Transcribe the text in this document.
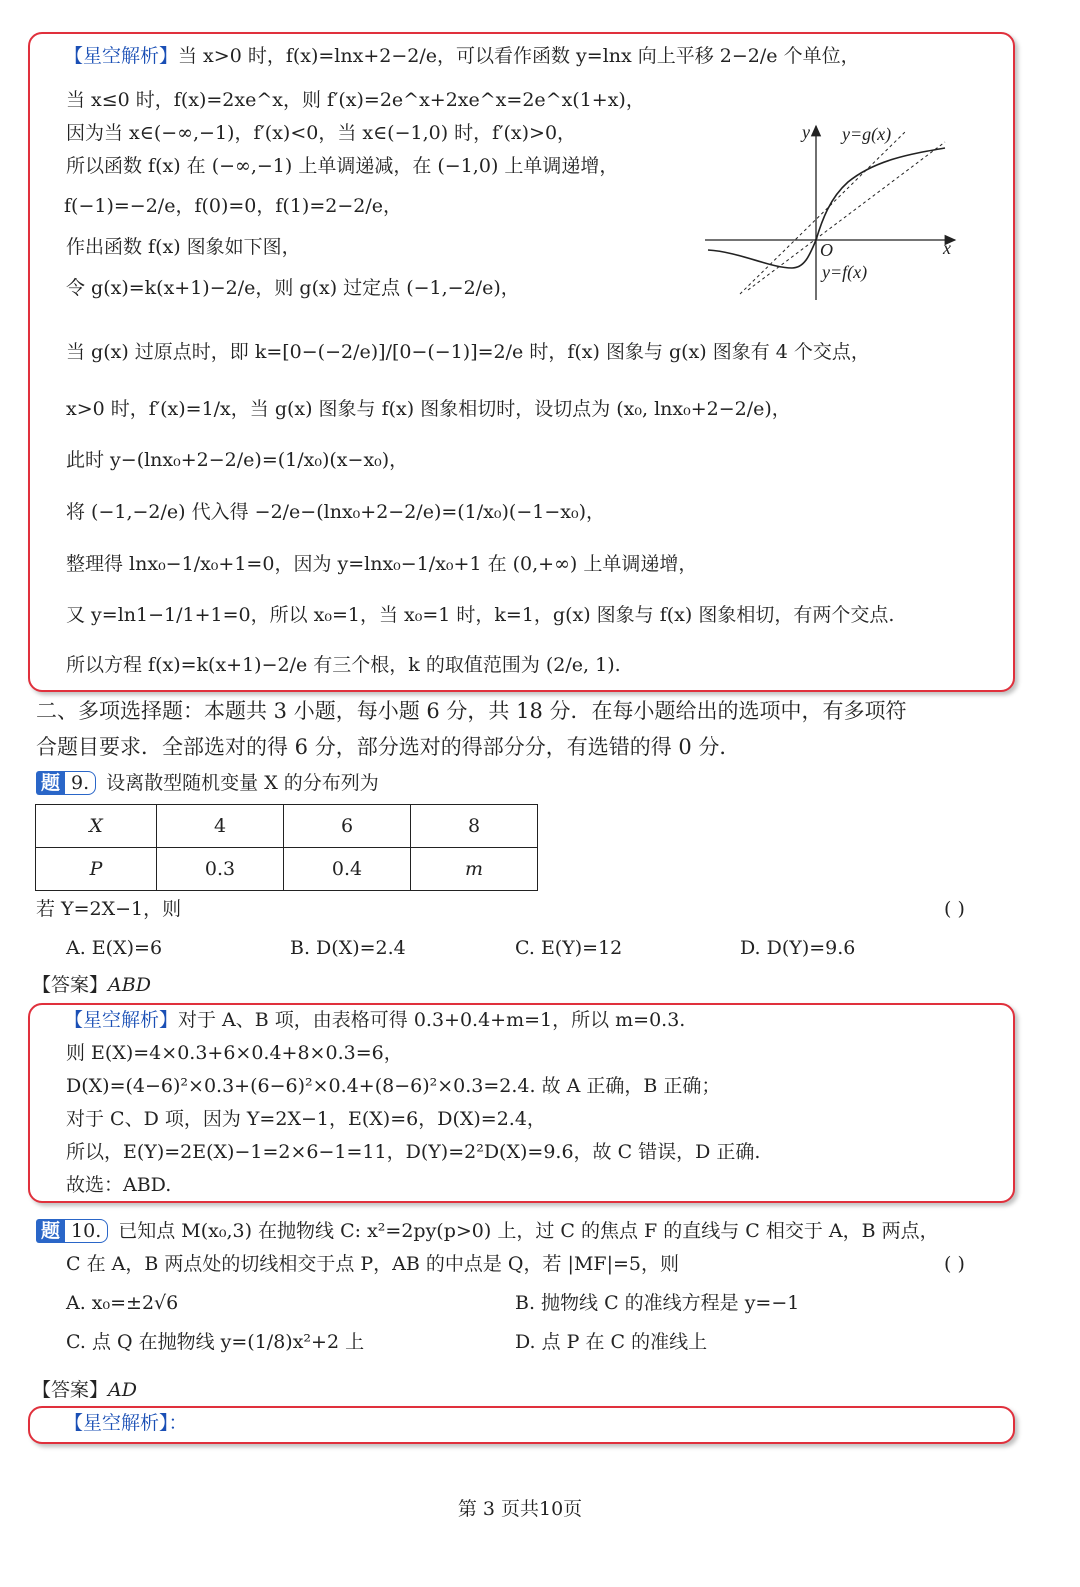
【星空解析】当 x>0 时，f(x)=lnx+2−2/e，可以看作函数 y=lnx 向上平移 2−2/e 个单位，
当 x≤0 时，f(x)=2xe^x，则 f′(x)=2e^x+2xe^x=2e^x(1+x)，
因为当 x∈(−∞,−1)，f′(x)<0，当 x∈(−1,0) 时，f′(x)>0，
所以函数 f(x) 在 (−∞,−1) 上单调递减，在 (−1,0) 上单调递增，
f(−1)=−2/e，f(0)=0，f(1)=2−2/e，
作出函数 f(x) 图象如下图，
令 g(x)=k(x+1)−2/e，则 g(x) 过定点 (−1,−2/e)，
当 g(x) 过原点时，即 k=[0−(−2/e)]/[0−(−1)]=2/e 时，f(x) 图象与 g(x) 图象有 4 个交点，
x>0 时，f′(x)=1/x，当 g(x) 图象与 f(x) 图象相切时，设切点为 (x₀, lnx₀+2−2/e)，
此时 y−(lnx₀+2−2/e)=(1/x₀)(x−x₀)，
将 (−1,−2/e) 代入得 −2/e−(lnx₀+2−2/e)=(1/x₀)(−1−x₀)，
整理得 lnx₀−1/x₀+1=0，因为 y=lnx₀−1/x₀+1 在 (0,+∞) 上单调递增，
又 y=ln1−1/1+1=0，所以 x₀=1，当 x₀=1 时，k=1，g(x) 图象与 f(x) 图象相切，有两个交点.
所以方程 f(x)=k(x+1)−2/e 有三个根，k 的取值范围为 (2/e, 1).
y=g(x)
y=f(x)
x
y
O
二、多项选择题：本题共 3 小题，每小题 6 分，共 18 分．在每小题给出的选项中，有多项符
合题目要求．全部选对的得 6 分，部分选对的得部分分，有选错的得 0 分．
题 9. 设离散型随机变量 X 的分布列为
X	4	6	8
P	0.3	0.4	m
若 Y=2X−1，则	( )
A. E(X)=6	B. D(X)=2.4	C. E(Y)=12	D. D(Y)=9.6
【答案】ABD
【星空解析】对于 A、B 项，由表格可得 0.3+0.4+m=1，所以 m=0.3.
则 E(X)=4×0.3+6×0.4+8×0.3=6，
D(X)=(4−6)²×0.3+(6−6)²×0.4+(8−6)²×0.3=2.4. 故 A 正确，B 正确；
对于 C、D 项，因为 Y=2X−1，E(X)=6，D(X)=2.4，
所以，E(Y)=2E(X)−1=2×6−1=11，D(Y)=2²D(X)=9.6，故 C 错误，D 正确.
故选：ABD.
题 10. 已知点 M(x₀,3) 在抛物线 C: x²=2py(p>0) 上，过 C 的焦点 F 的直线与 C 相交于 A，B 两点，
C 在 A，B 两点处的切线相交于点 P，AB 的中点是 Q，若 |MF|=5，则	( )
A. x₀=±2√6	B. 抛物线 C 的准线方程是 y=−1
C. 点 Q 在抛物线 y=(1/8)x²+2 上	D. 点 P 在 C 的准线上
【答案】AD
【星空解析】：
第 3 页共10页
